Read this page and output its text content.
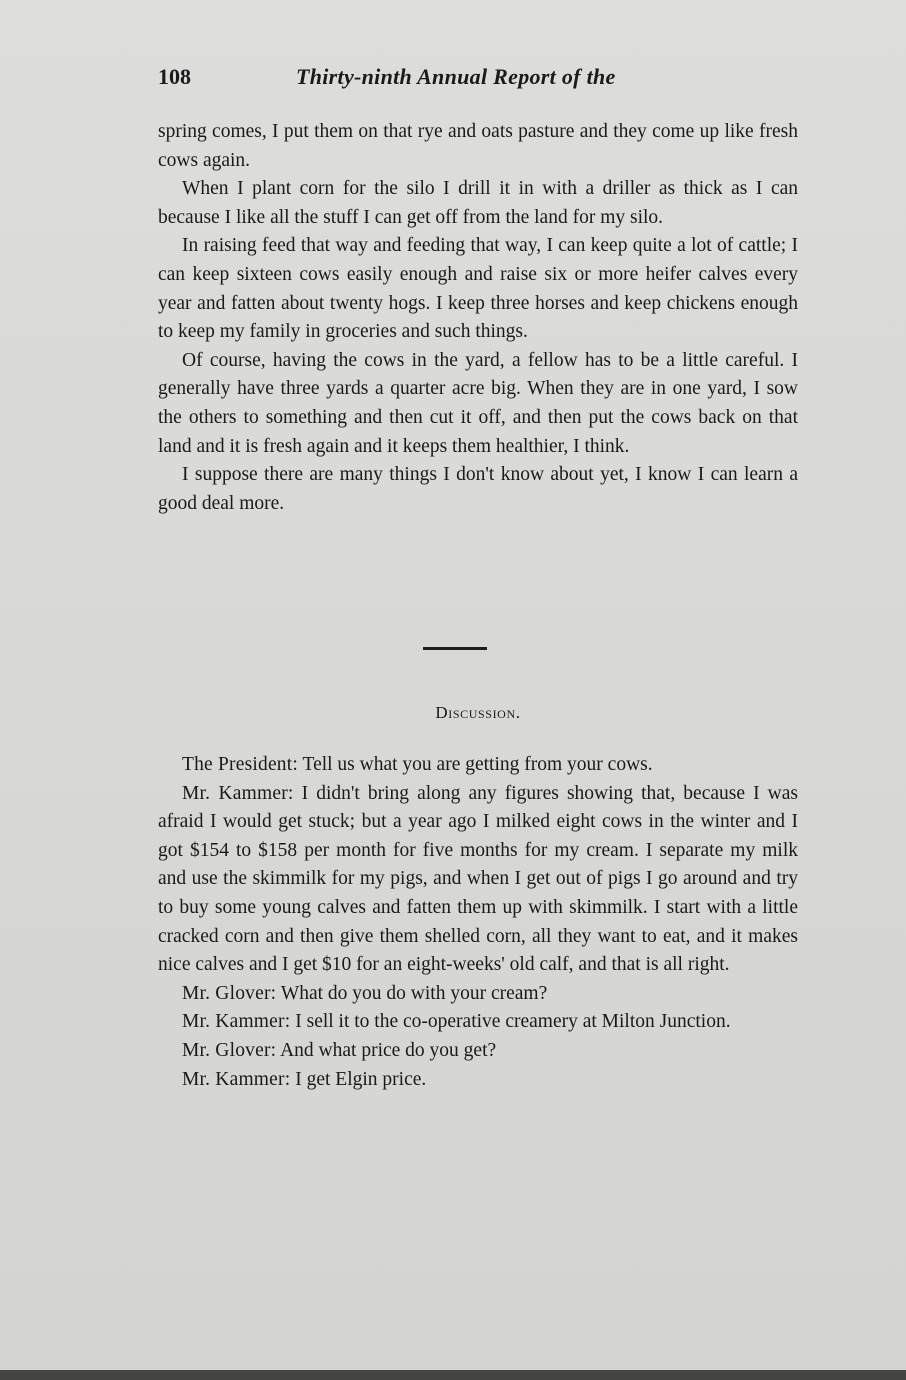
108	Thirty-ninth Annual Report of the

spring comes, I put them on that rye and oats pasture and they come up like fresh cows again.

When I plant corn for the silo I drill it in with a driller as thick as I can because I like all the stuff I can get off from the land for my silo.

In raising feed that way and feeding that way, I can keep quite a lot of cattle; I can keep sixteen cows easily enough and raise six or more heifer calves every year and fatten about twenty hogs. I keep three horses and keep chickens enough to keep my family in groceries and such things.

Of course, having the cows in the yard, a fellow has to be a little careful. I generally have three yards a quarter acre big. When they are in one yard, I sow the others to something and then cut it off, and then put the cows back on that land and it is fresh again and it keeps them healthier, I think.

I suppose there are many things I don't know about yet, I know I can learn a good deal more.

Discussion.

The President: Tell us what you are getting from your cows.

Mr. Kammer: I didn't bring along any figures showing that, because I was afraid I would get stuck; but a year ago I milked eight cows in the winter and I got $154 to $158 per month for five months for my cream. I separate my milk and use the skimmilk for my pigs, and when I get out of pigs I go around and try to buy some young calves and fatten them up with skimmilk. I start with a little cracked corn and then give them shelled corn, all they want to eat, and it makes nice calves and I get $10 for an eight-weeks' old calf, and that is all right.

Mr. Glover: What do you do with your cream?

Mr. Kammer: I sell it to the co-operative creamery at Milton Junction.

Mr. Glover: And what price do you get?

Mr. Kammer: I get Elgin price.
